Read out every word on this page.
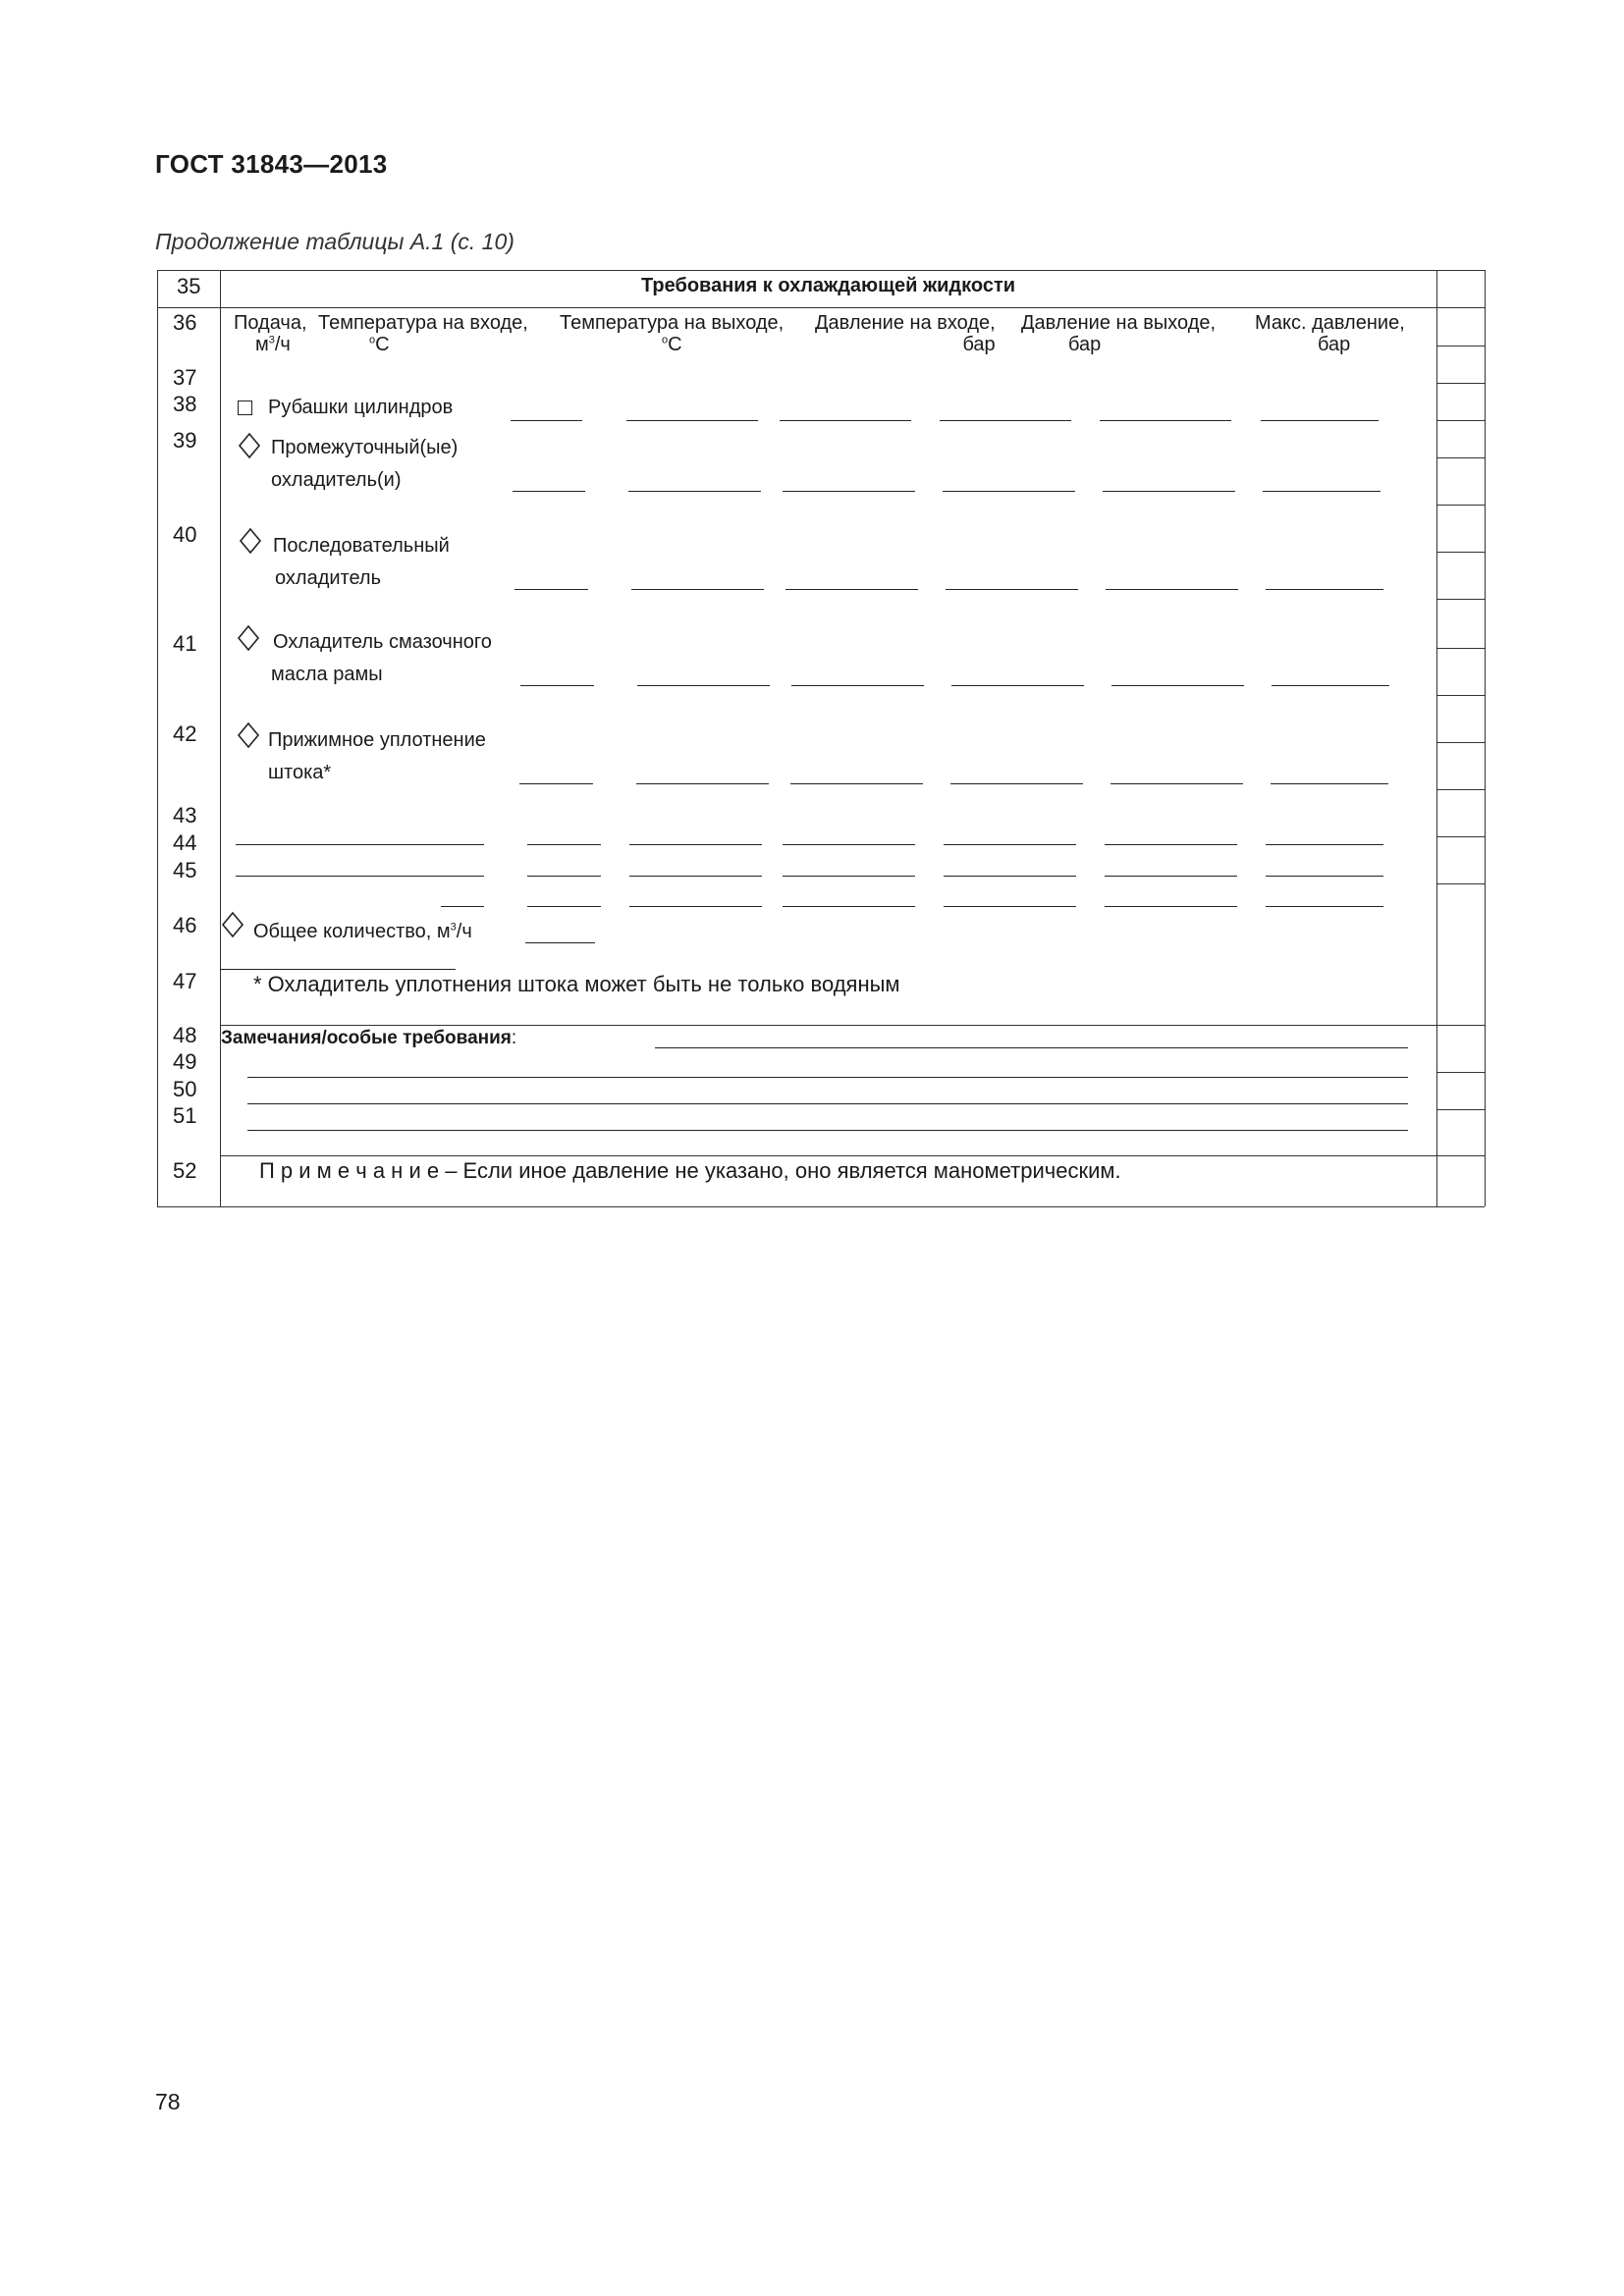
ГОСТ 31843—2013
Продолжение таблицы А.1 (с. 10)
35
36
37
38
39
40
41
42
43
44
45
46
47
48
49
50
51
52
Требования к охлаждающей жидкости
Подача,
$м^3/ч$
Температура на входе,
$^о$С
Температура на выходе,
$^о$С
Давление на входе,
бар
Давление на выходе,
бар
Макс. давление,
бар
Рубашки цилиндров
Промежуточный(ые)
охладитель(и)
Последовательный
охладитель
Охладитель смазочного
масла рамы
Прижимное уплотнение
штока*
Общее количество, $м^3/ч$
* Охладитель уплотнения штока может быть не только водяным
Замечания/особые требования:
П р и м е ч а н и е – Если иное давление не указано, оно является манометрическим.
78
